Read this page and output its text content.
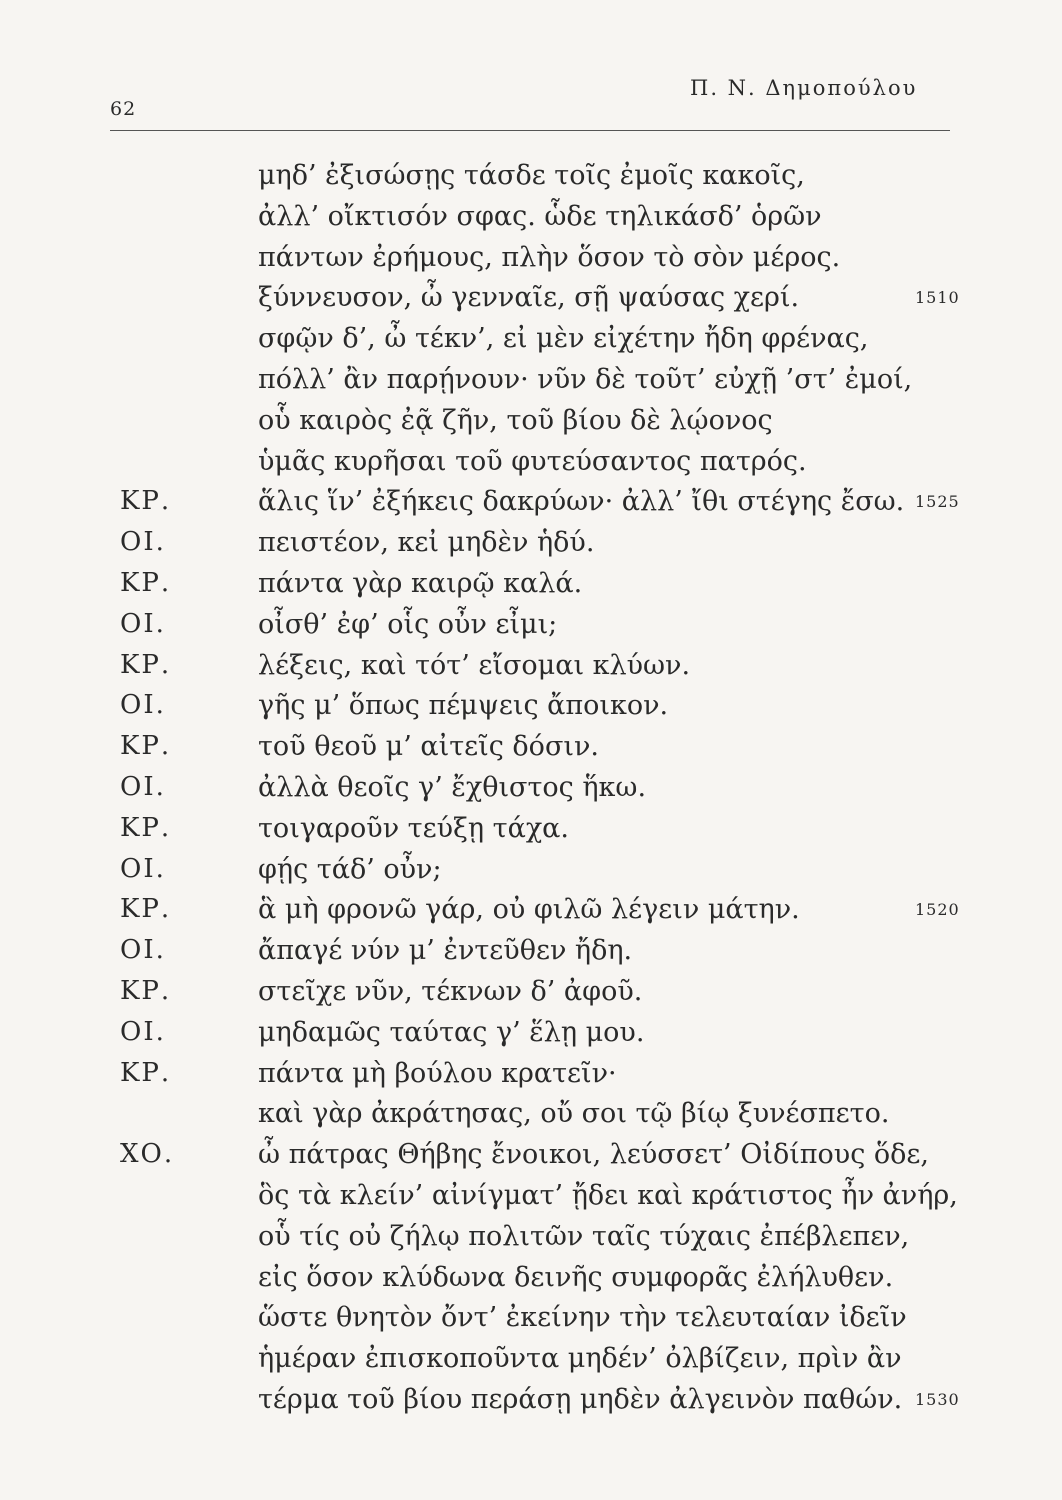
62
Π. Ν. Δημοπούλου
μηδ’ ἐξισώσῃς τάσδε τοῖς ἐμοῖς κακοῖς,
ἀλλ’ οἴκτισόν σφας. ὧδε τηλικάσδ’ ὁρῶν
πάντων ἐρήμους, πλὴν ὅσον τὸ σὸν μέρος.
ξύννευσον, ὦ γενναῖε, σῇ ψαύσας χερί.	1510
σφῷν δ’, ὦ τέκν’, εἰ μὲν εἰχέτην ἤδη φρένας,
πόλλ’ ἂν παρῄνουν· νῦν δὲ τοῦτ’ εὐχῇ ’στ’ ἐμοί,
οὗ καιρὸς ἐᾷ ζῆν, τοῦ βίου δὲ λῴονος
ὑμᾶς κυρῆσαι τοῦ φυτεύσαντος πατρός.
ΚΡ.	ἅλις ἵν’ ἐξήκεις δακρύων· ἀλλ’ ἴθι στέγης ἔσω. 1525
ΟΙ.	πειστέον, κεἰ μηδὲν ἡδύ.
ΚΡ.	πάντα γὰρ καιρῷ καλά.
ΟΙ.	οἶσθ’ ἐφ’ οἷς οὖν εἶμι;
ΚΡ.	λέξεις, καὶ τότ’ εἴσομαι κλύων.
ΟΙ.	γῆς μ’ ὅπως πέμψεις ἄποικον.
ΚΡ.	τοῦ θεοῦ μ’ αἰτεῖς δόσιν.
ΟΙ.	ἀλλὰ θεοῖς γ’ ἔχθιστος ἥκω.
ΚΡ.	τοιγαροῦν τεύξῃ τάχα.
ΟΙ.	φῄς τάδ’ οὖν;
ΚΡ.	ἃ μὴ φρονῶ γάρ, οὐ φιλῶ λέγειν μάτην.	1520
ΟΙ.	ἄπαγέ νύν μ’ ἐντεῦθεν ἤδη.
ΚΡ.	στεῖχε νῦν, τέκνων δ’ ἀφοῦ.
ΟΙ.	μηδαμῶς ταύτας γ’ ἕλῃ μου.
ΚΡ.	πάντα μὴ βούλου κρατεῖν·
καὶ γὰρ ἀκράτησας, οὔ σοι τῷ βίῳ ξυνέσπετο.
ΧΟ.	ὦ πάτρας Θήβης ἔνοικοι, λεύσσετ’ Οἰδίπους ὅδε,
ὃς τὰ κλείν’ αἰνίγματ’ ᾔδει καὶ κράτιστος ἦν ἀνήρ,
οὗ τίς οὐ ζήλῳ πολιτῶν ταῖς τύχαις ἐπέβλεπεν,
εἰς ὅσον κλύδωνα δεινῆς συμφορᾶς ἐλήλυθεν.
ὥστε θνητὸν ὄντ’ ἐκείνην τὴν τελευταίαν ἰδεῖν
ἡμέραν ἐπισκοποῦντα μηδέν’ ὀλβίζειν, πρὶν ἂν
τέρμα τοῦ βίου περάσῃ μηδὲν ἀλγεινὸν παθών. 1530
